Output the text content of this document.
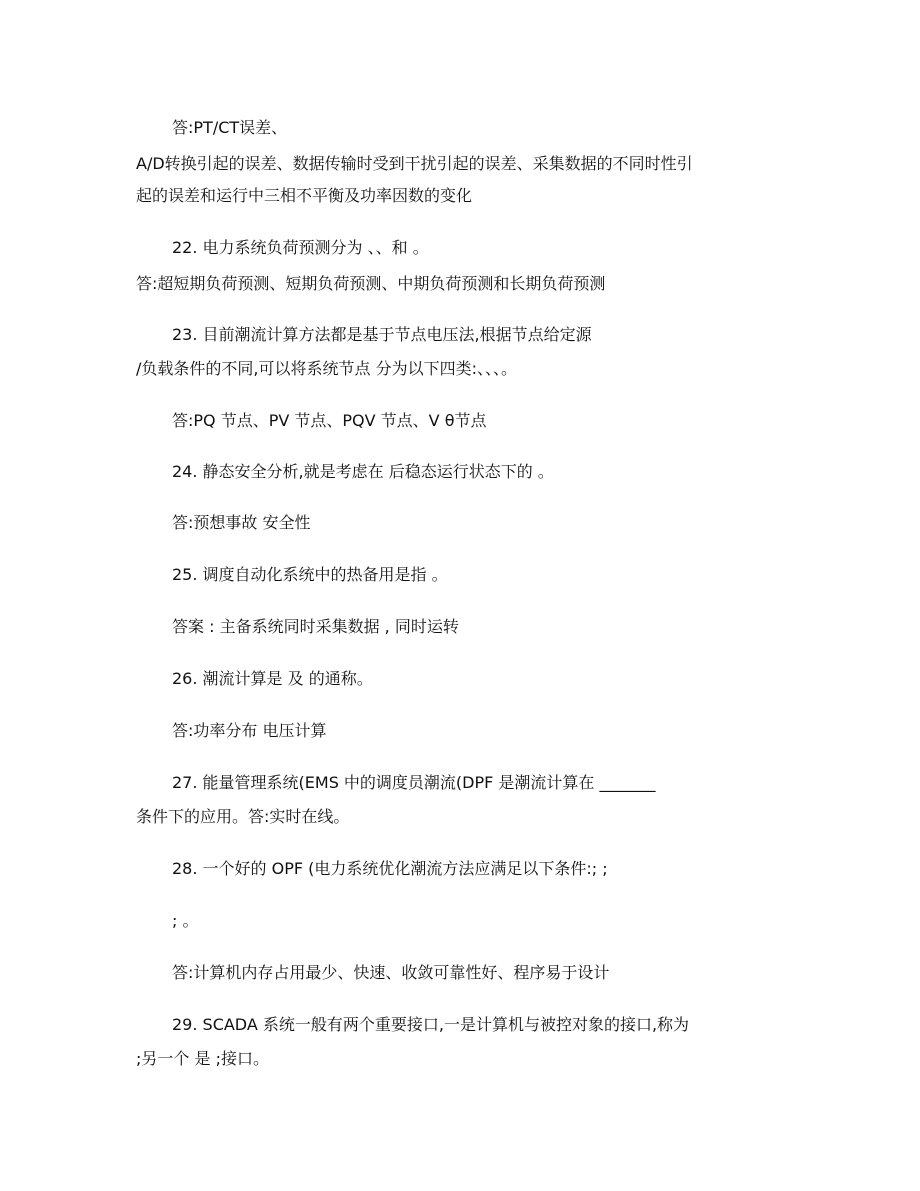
答:PT/CT误差、
A/D转换引起的误差、数据传输时受到干扰引起的误差、采集数据的不同时性引
起的误差和运行中三相不平衡及功率因数的变化
22. 电力系统负荷预测分为 、、和 。
答:超短期负荷预测、短期负荷预测、中期负荷预测和长期负荷预测
23. 目前潮流计算方法都是基于节点电压法,根据节点给定源
/负载条件的不同,可以将系统节点 分为以下四类:、、、。
答:PQ 节点、PV 节点、PQV 节点、V θ节点
24. 静态安全分析,就是考虑在 后稳态运行状态下的 。
答:预想事故 安全性
25. 调度自动化系统中的热备用是指 。
答案 : 主备系统同时采集数据 , 同时运转
26. 潮流计算是 及 的通称。
答:功率分布 电压计算
27. 能量管理系统(EMS 中的调度员潮流(DPF 是潮流计算在 _______
条件下的应用。答:实时在线。
28. 一个好的 OPF (电力系统优化潮流方法应满足以下条件:; ;
; 。
答:计算机内存占用最少、快速、收敛可靠性好、程序易于设计
29. SCADA 系统一般有两个重要接口,一是计算机与被控对象的接口,称为
;另一个 是 ;接口。
